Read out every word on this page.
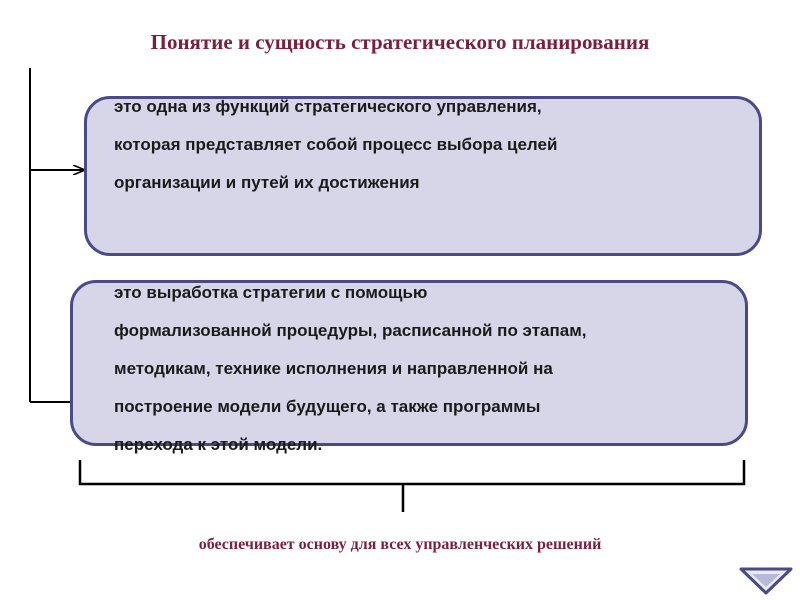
Понятие и сущность стратегического планирования
это одна из функций стратегического управления,
которая представляет собой процесс выбора целей
организации и путей их достижения
это выработка стратегии с помощью
формализованной процедуры, расписанной по этапам,
методикам, технике исполнения и направленной на
построение модели будущего, а также программы
перехода к этой модели.
обеспечивает основу для всех управленческих решений
